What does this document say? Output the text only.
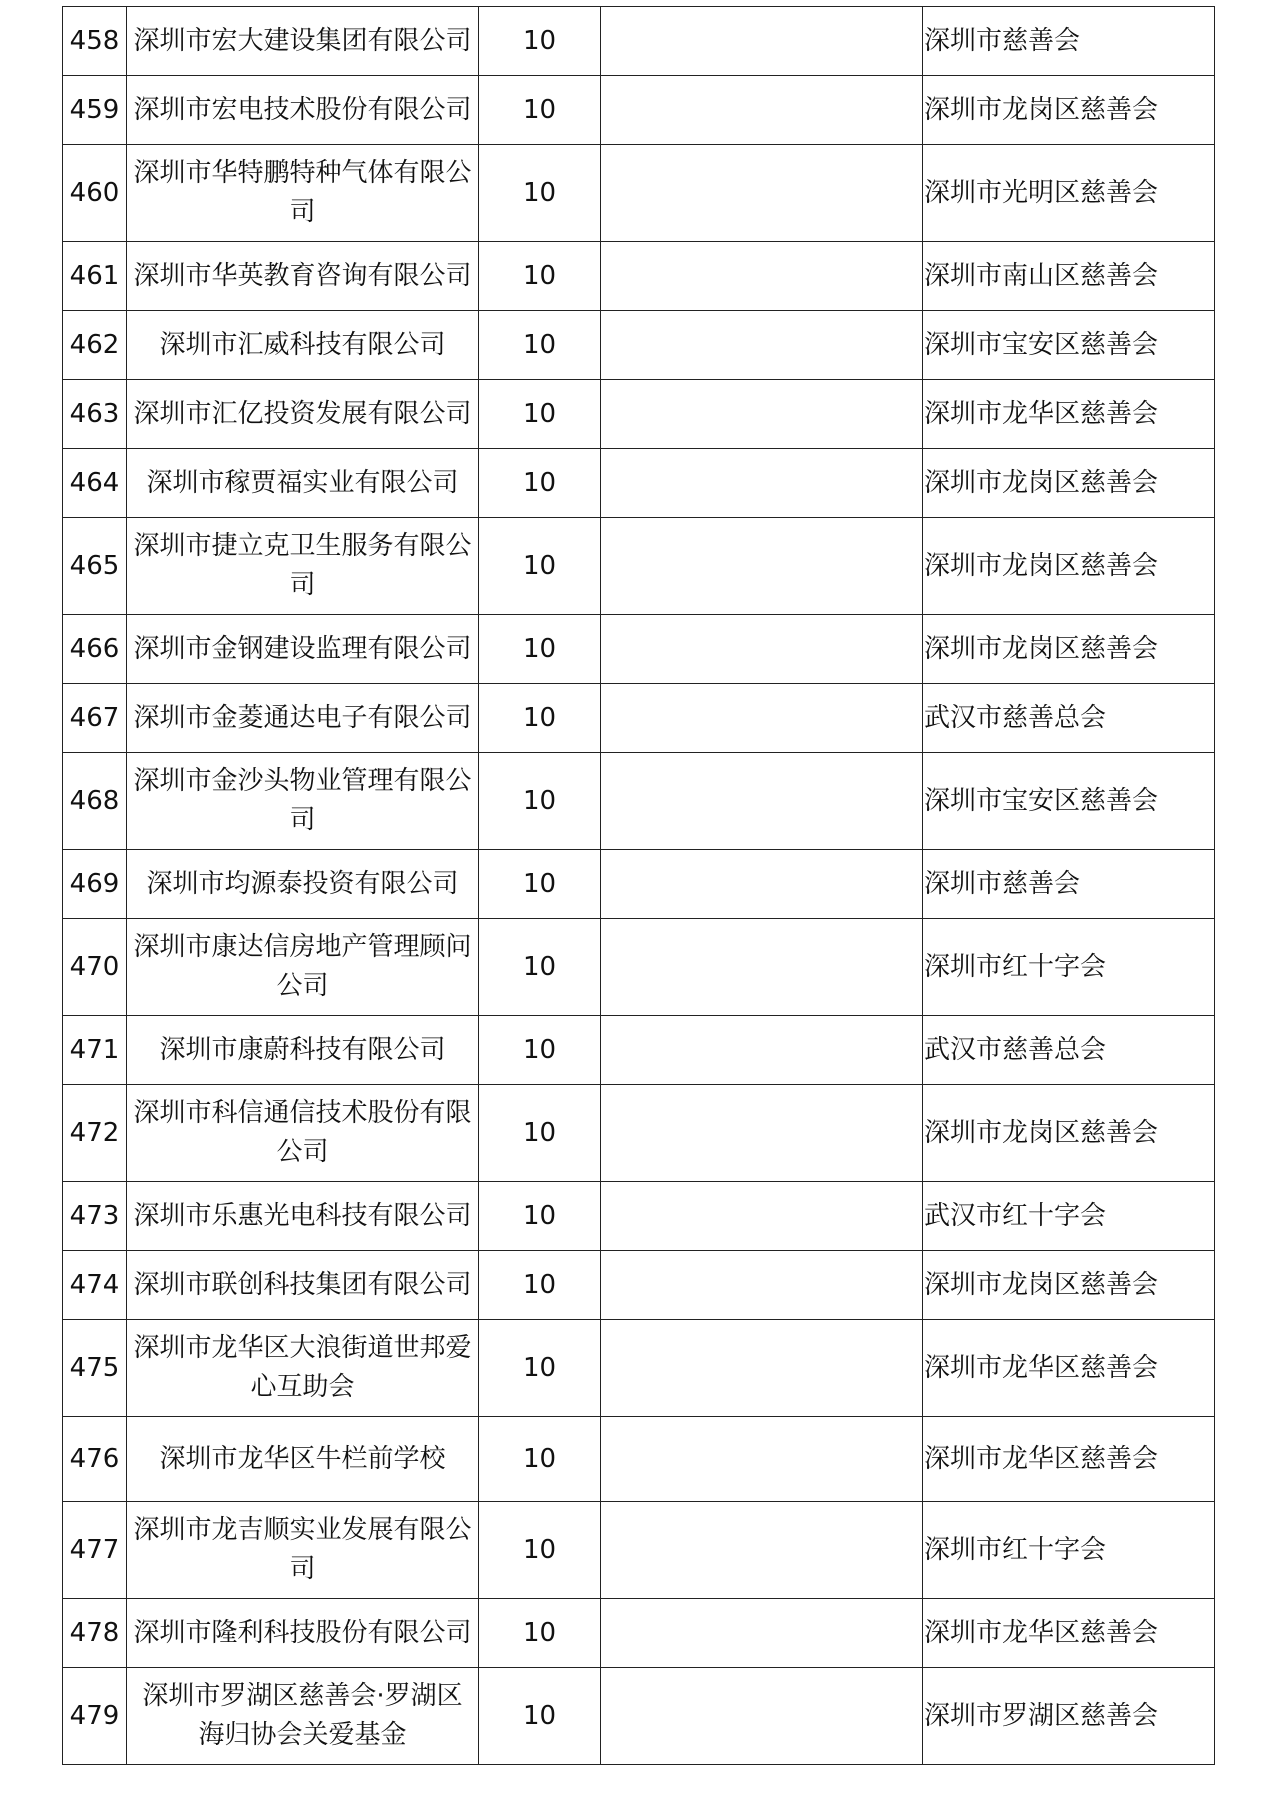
458	深圳市宏大建设集团有限公司	10		深圳市慈善会
459	深圳市宏电技术股份有限公司	10		深圳市龙岗区慈善会
460	深圳市华特鹏特种气体有限公司	10		深圳市光明区慈善会
461	深圳市华英教育咨询有限公司	10		深圳市南山区慈善会
462	深圳市汇威科技有限公司	10		深圳市宝安区慈善会
463	深圳市汇亿投资发展有限公司	10		深圳市龙华区慈善会
464	深圳市稼贾福实业有限公司	10		深圳市龙岗区慈善会
465	深圳市捷立克卫生服务有限公司	10		深圳市龙岗区慈善会
466	深圳市金钢建设监理有限公司	10		深圳市龙岗区慈善会
467	深圳市金菱通达电子有限公司	10		武汉市慈善总会
468	深圳市金沙头物业管理有限公司	10		深圳市宝安区慈善会
469	深圳市均源泰投资有限公司	10		深圳市慈善会
470	深圳市康达信房地产管理顾问公司	10		深圳市红十字会
471	深圳市康蔚科技有限公司	10		武汉市慈善总会
472	深圳市科信通信技术股份有限公司	10		深圳市龙岗区慈善会
473	深圳市乐惠光电科技有限公司	10		武汉市红十字会
474	深圳市联创科技集团有限公司	10		深圳市龙岗区慈善会
475	深圳市龙华区大浪街道世邦爱心互助会	10		深圳市龙华区慈善会
476	深圳市龙华区牛栏前学校	10		深圳市龙华区慈善会
477	深圳市龙吉顺实业发展有限公司	10		深圳市红十字会
478	深圳市隆利科技股份有限公司	10		深圳市龙华区慈善会
479	深圳市罗湖区慈善会·罗湖区海归协会关爱基金	10		深圳市罗湖区慈善会
